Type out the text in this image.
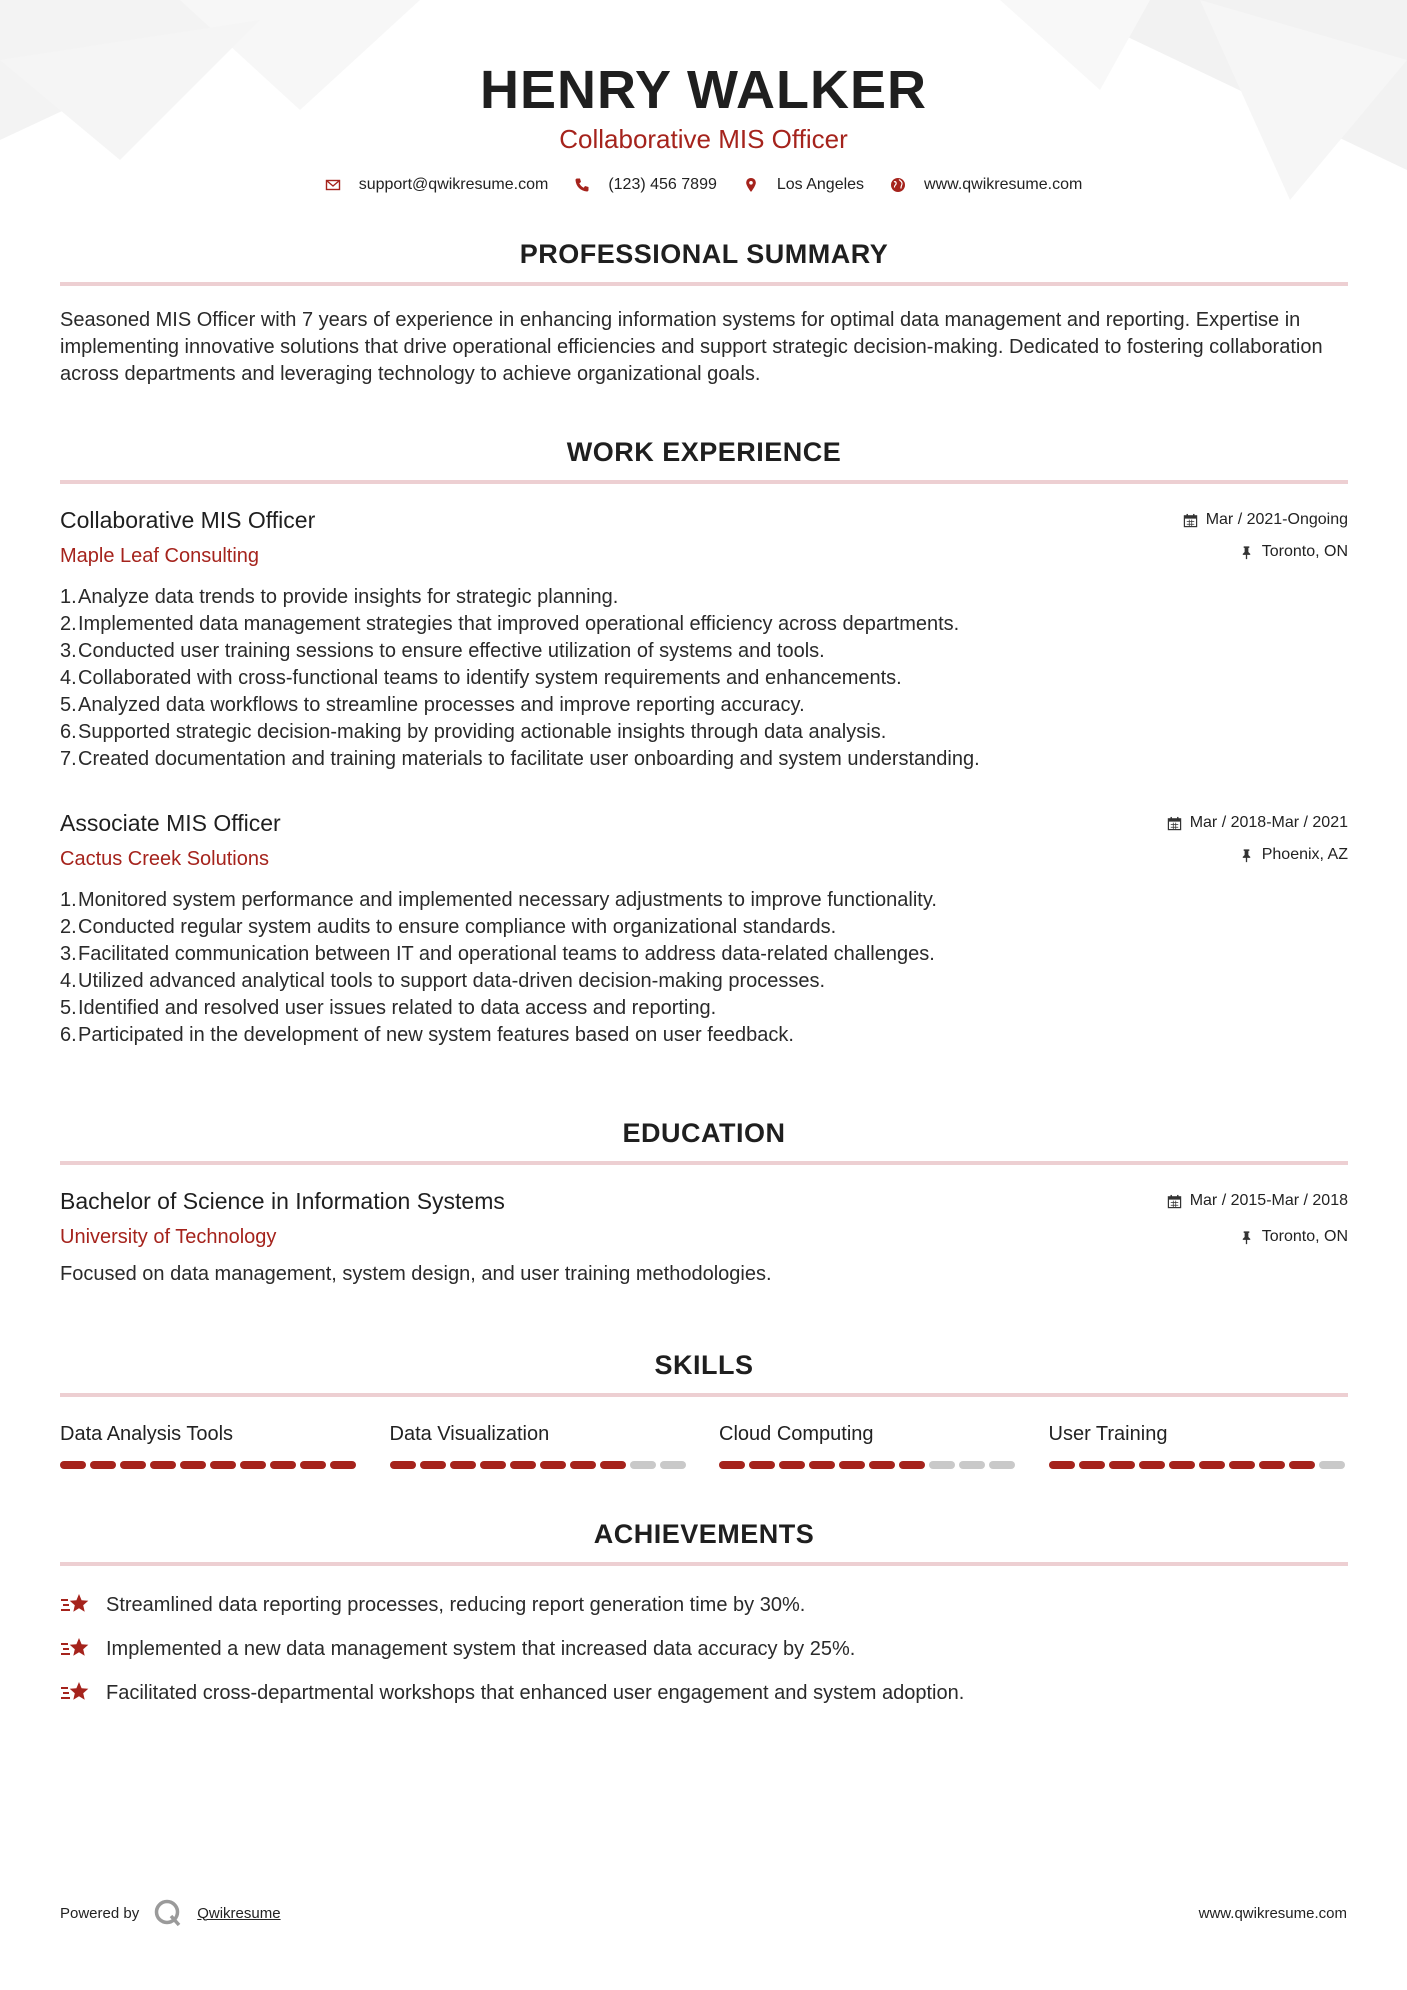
HENRY WALKER
Collaborative MIS Officer
support@qwikresume.com	(123) 456 7899	Los Angeles	www.qwikresume.com
PROFESSIONAL SUMMARY
Seasoned MIS Officer with 7 years of experience in enhancing information systems for optimal data management and reporting. Expertise in implementing innovative solutions that drive operational efficiencies and support strategic decision-making. Dedicated to fostering collaboration across departments and leveraging technology to achieve organizational goals.
WORK EXPERIENCE
Collaborative MIS Officer
Maple Leaf Consulting
Mar / 2021-Ongoing
Toronto, ON
1. Analyze data trends to provide insights for strategic planning.
2. Implemented data management strategies that improved operational efficiency across departments.
3. Conducted user training sessions to ensure effective utilization of systems and tools.
4. Collaborated with cross-functional teams to identify system requirements and enhancements.
5. Analyzed data workflows to streamline processes and improve reporting accuracy.
6. Supported strategic decision-making by providing actionable insights through data analysis.
7. Created documentation and training materials to facilitate user onboarding and system understanding.
Associate MIS Officer
Cactus Creek Solutions
Mar / 2018-Mar / 2021
Phoenix, AZ
1. Monitored system performance and implemented necessary adjustments to improve functionality.
2. Conducted regular system audits to ensure compliance with organizational standards.
3. Facilitated communication between IT and operational teams to address data-related challenges.
4. Utilized advanced analytical tools to support data-driven decision-making processes.
5. Identified and resolved user issues related to data access and reporting.
6. Participated in the development of new system features based on user feedback.
EDUCATION
Bachelor of Science in Information Systems
University of Technology
Mar / 2015-Mar / 2018
Toronto, ON
Focused on data management, system design, and user training methodologies.
SKILLS
Data Analysis Tools	Data Visualization	Cloud Computing	User Training
ACHIEVEMENTS
Streamlined data reporting processes, reducing report generation time by 30%.
Implemented a new data management system that increased data accuracy by 25%.
Facilitated cross-departmental workshops that enhanced user engagement and system adoption.
Powered by	Qwikresume	www.qwikresume.com
